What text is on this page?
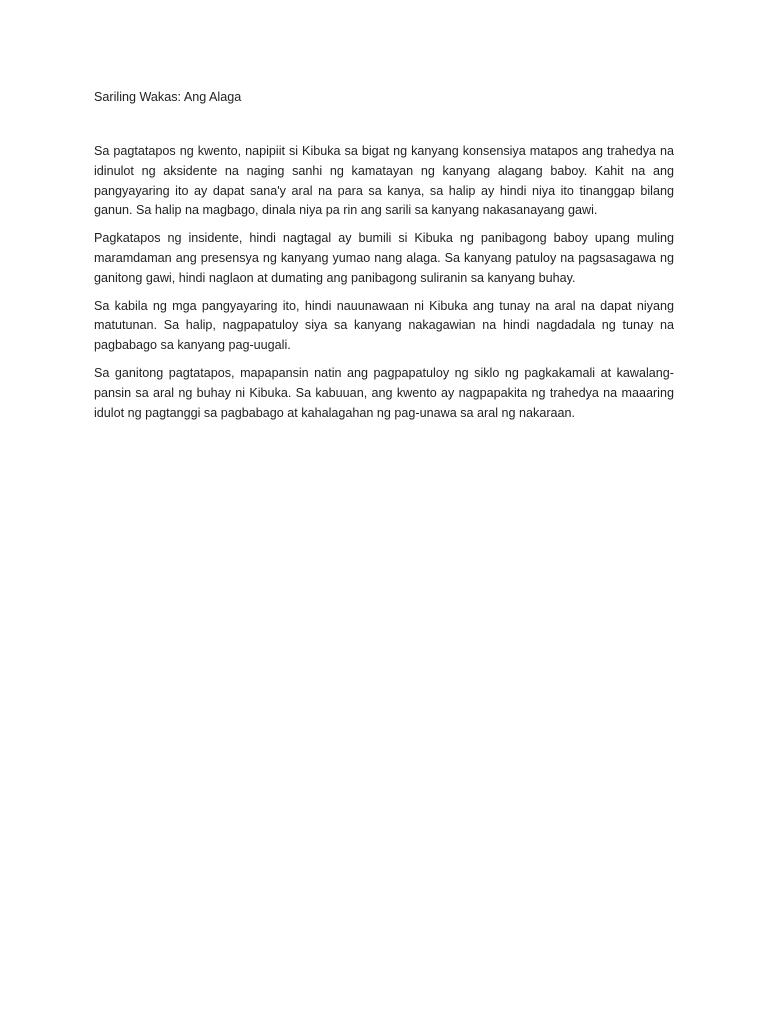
Sariling Wakas: Ang Alaga

Sa pagtatapos ng kwento, napipiit si Kibuka sa bigat ng kanyang konsensiya matapos ang trahedya na idinulot ng aksidente na naging sanhi ng kamatayan ng kanyang alagang baboy. Kahit na ang pangyayaring ito ay dapat sana'y aral na para sa kanya, sa halip ay hindi niya ito tinanggap bilang ganun. Sa halip na magbago, dinala niya pa rin ang sarili sa kanyang nakasanayang gawi.

Pagkatapos ng insidente, hindi nagtagal ay bumili si Kibuka ng panibagong baboy upang muling maramdaman ang presensya ng kanyang yumao nang alaga. Sa kanyang patuloy na pagsasagawa ng ganitong gawi, hindi naglaon at dumating ang panibagong suliranin sa kanyang buhay.

Sa kabila ng mga pangyayaring ito, hindi nauunawaan ni Kibuka ang tunay na aral na dapat niyang matutunan. Sa halip, nagpapatuloy siya sa kanyang nakagawian na hindi nagdadala ng tunay na pagbabago sa kanyang pag-uugali.

Sa ganitong pagtatapos, mapapansin natin ang pagpapatuloy ng siklo ng pagkakamali at kawalang-pansin sa aral ng buhay ni Kibuka. Sa kabuuan, ang kwento ay nagpapakita ng trahedya na maaaring idulot ng pagtanggi sa pagbabago at kahalagahan ng pag-unawa sa aral ng nakaraan.
